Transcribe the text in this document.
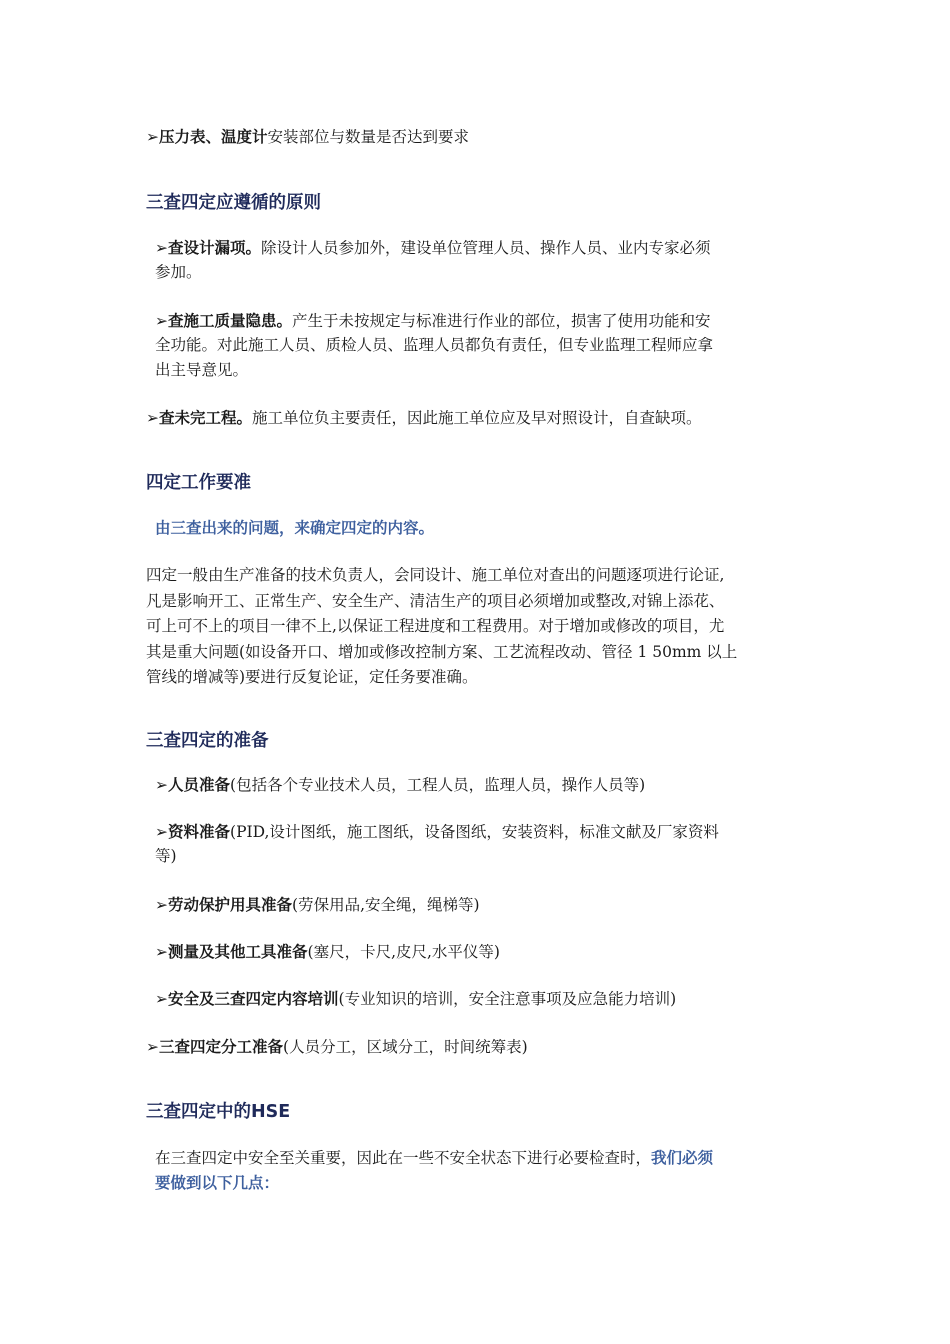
➢压力表、温度计安装部位与数量是否达到要求
三查四定应遵循的原则
➢查设计漏项。除设计人员参加外，建设单位管理人员、操作人员、业内专家必须
参加。
➢查施工质量隐患。产生于未按规定与标准进行作业的部位，损害了使用功能和安
全功能。对此施工人员、质检人员、监理人员都负有责任，但专业监理工程师应拿
出主导意见。
➢查未完工程。施工单位负主要责任，因此施工单位应及早对照设计，自查缺项。
四定工作要准
由三查出来的问题，来确定四定的内容。
四定一般由生产准备的技术负责人，会同设计、施工单位对查出的问题逐项进行论证,
凡是影响开工、正常生产、安全生产、清洁生产的项目必须增加或整改,对锦上添花、
可上可不上的项目一律不上,以保证工程进度和工程费用。对于增加或修改的项目，尤
其是重大问题(如设备开口、增加或修改控制方案、工艺流程改动、管径 1 50mm 以上
管线的增减等)要进行反复论证，定任务要准确。
三查四定的准备
➢人员准备(包括各个专业技术人员，工程人员，监理人员，操作人员等)
➢资料准备(PID,设计图纸，施工图纸，设备图纸，安装资料，标准文献及厂家资料
等)
➢劳动保护用具准备(劳保用品,安全绳，绳梯等)
➢测量及其他工具准备(塞尺，卡尺,皮尺,水平仪等)
➢安全及三查四定内容培训(专业知识的培训，安全注意事项及应急能力培训)
➢三查四定分工准备(人员分工，区域分工，时间统筹表)
三查四定中的HSE
在三查四定中安全至关重要，因此在一些不安全状态下进行必要检查时，我们必须
要做到以下几点：
